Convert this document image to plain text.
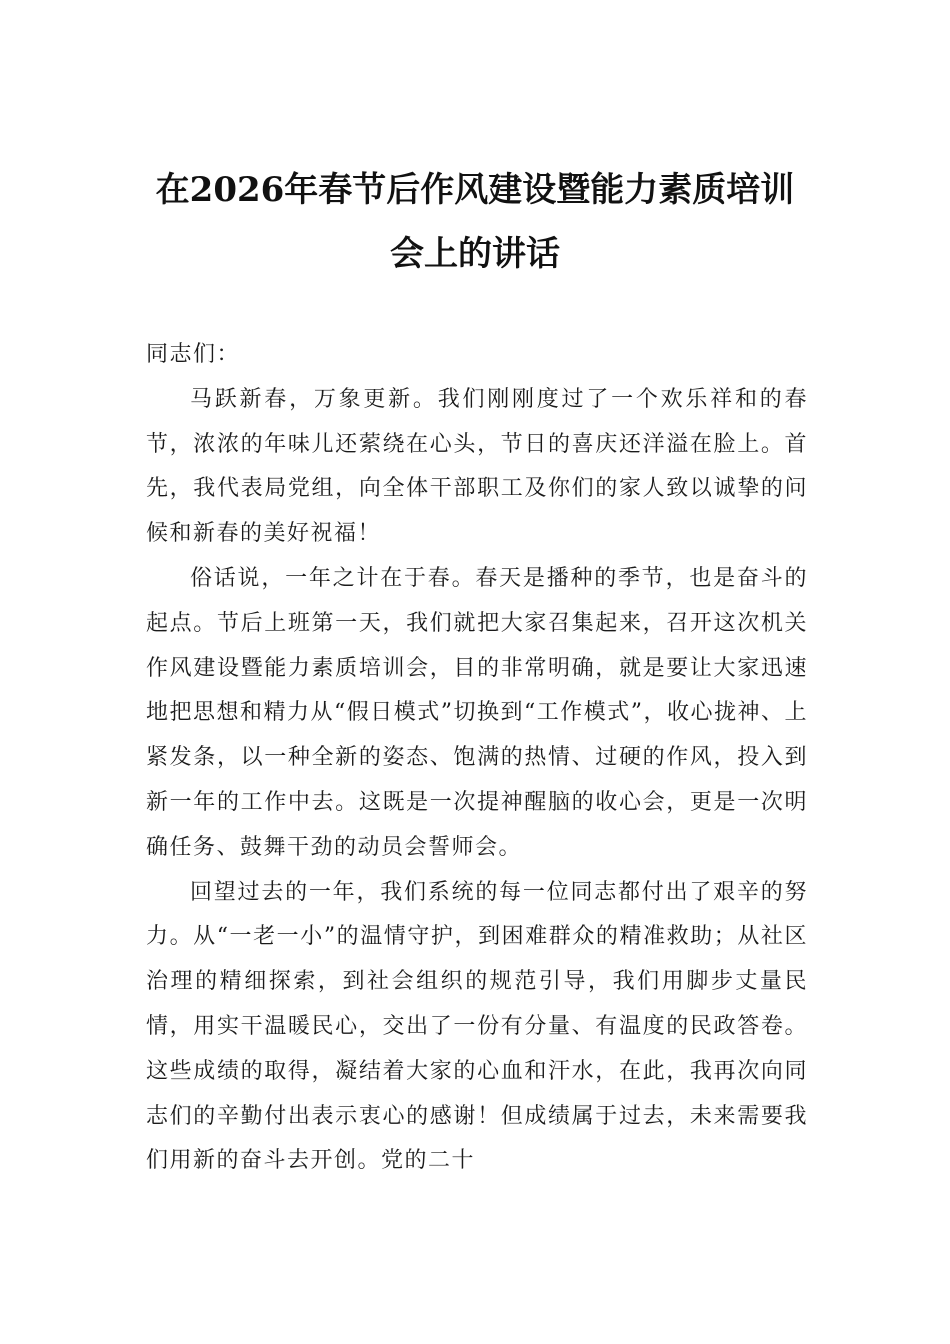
在2026年春节后作风建设暨能力素质培训
会上的讲话

同志们：

马跃新春，万象更新。我们刚刚度过了一个欢乐祥和的春节，浓浓的年味儿还萦绕在心头，节日的喜庆还洋溢在脸上。首先，我代表局党组，向全体干部职工及你们的家人致以诚挚的问候和新春的美好祝福！

俗话说，一年之计在于春。春天是播种的季节，也是奋斗的起点。节后上班第一天，我们就把大家召集起来，召开这次机关作风建设暨能力素质培训会，目的非常明确，就是要让大家迅速地把思想和精力从“假日模式”切换到“工作模式”，收心拢神、上紧发条，以一种全新的姿态、饱满的热情、过硬的作风，投入到新一年的工作中去。这既是一次提神醒脑的收心会，更是一次明确任务、鼓舞干劲的动员会誓师会。

回望过去的一年，我们系统的每一位同志都付出了艰辛的努力。从“一老一小”的温情守护，到困难群众的精准救助；从社区治理的精细探索，到社会组织的规范引导，我们用脚步丈量民情，用实干温暖民心，交出了一份有分量、有温度的民政答卷。这些成绩的取得，凝结着大家的心血和汗水，在此，我再次向同志们的辛勤付出表示衷心的感谢！但成绩属于过去，未来需要我们用新的奋斗去开创。党的二十
